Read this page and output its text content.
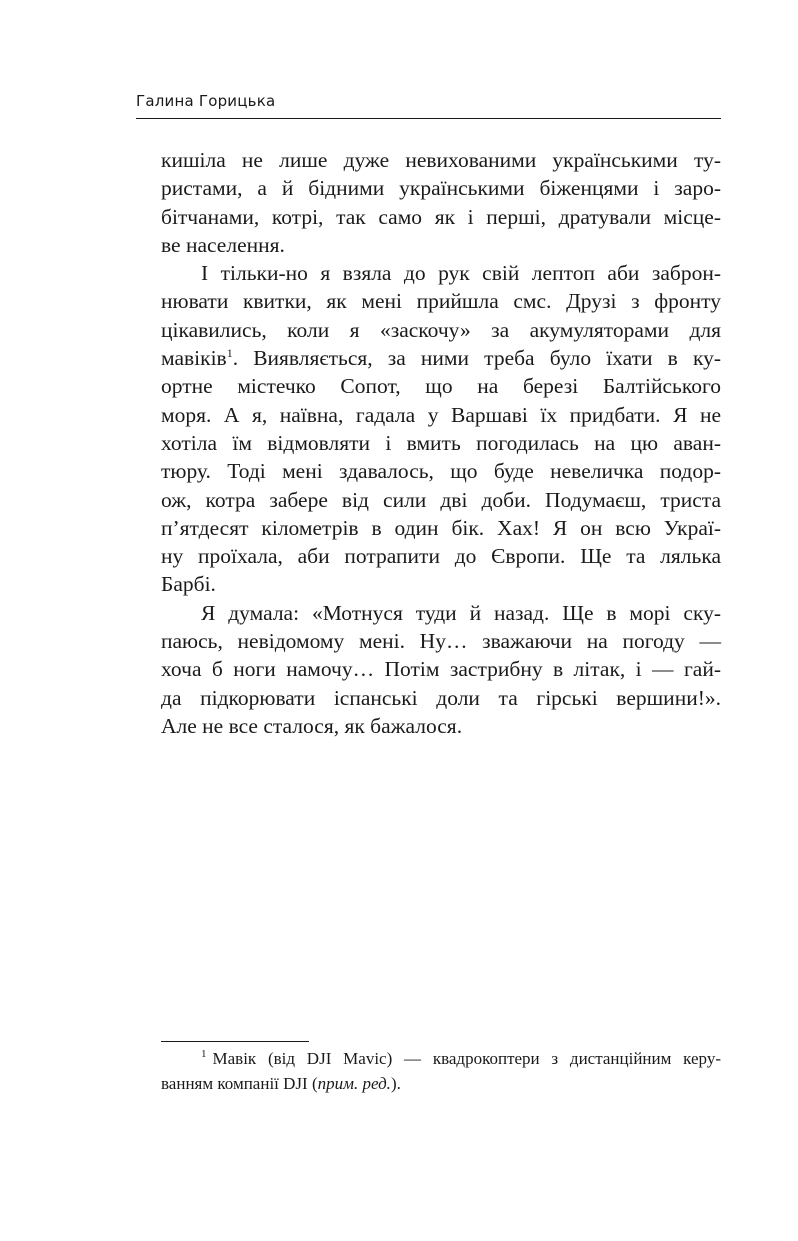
Галина Горицька

кишіла не лише дуже невихованими українськими ту-
ристами, а й бідними українськими біженцями і заро-
бітчанами, котрі, так само як і перші, дратували місце-
ве населення.

І тільки-но я взяла до рук свій лептоп аби заброн-
нювати квитки, як мені прийшла смс. Друзі з фронту
цікавились, коли я «заскочу» за акумуляторами для
мавіків$^1$. Виявляється, за ними треба було їхати в ку-
ортне містечко Сопот, що на березі Балтійського
моря. А я, наївна, гадала у Варшаві їх придбати. Я не
хотіла їм відмовляти і вмить погодилась на цю аван-
тюру. Тоді мені здавалось, що буде невеличка подор-
ож, котра забере від сили дві доби. Подумаєш, триста
п’ятдесят кілометрів в один бік. Хах! Я он всю Украї-
ну проїхала, аби потрапити до Європи. Ще та лялька
Барбі.

Я думала: «Мотнуся туди й назад. Ще в морі ску-
паюсь, невідомому мені. Ну… зважаючи на погоду —
хоча б ноги намочу… Потім застрибну в літак, і — гай-
да підкорювати іспанські доли та гірські вершини!».
Але не все сталося, як бажалося.

$^1$ Мавік (від DJI Mavic) — квадрокоптери з дистанційним керу-
ванням компанії DJI (прим. ред.).
